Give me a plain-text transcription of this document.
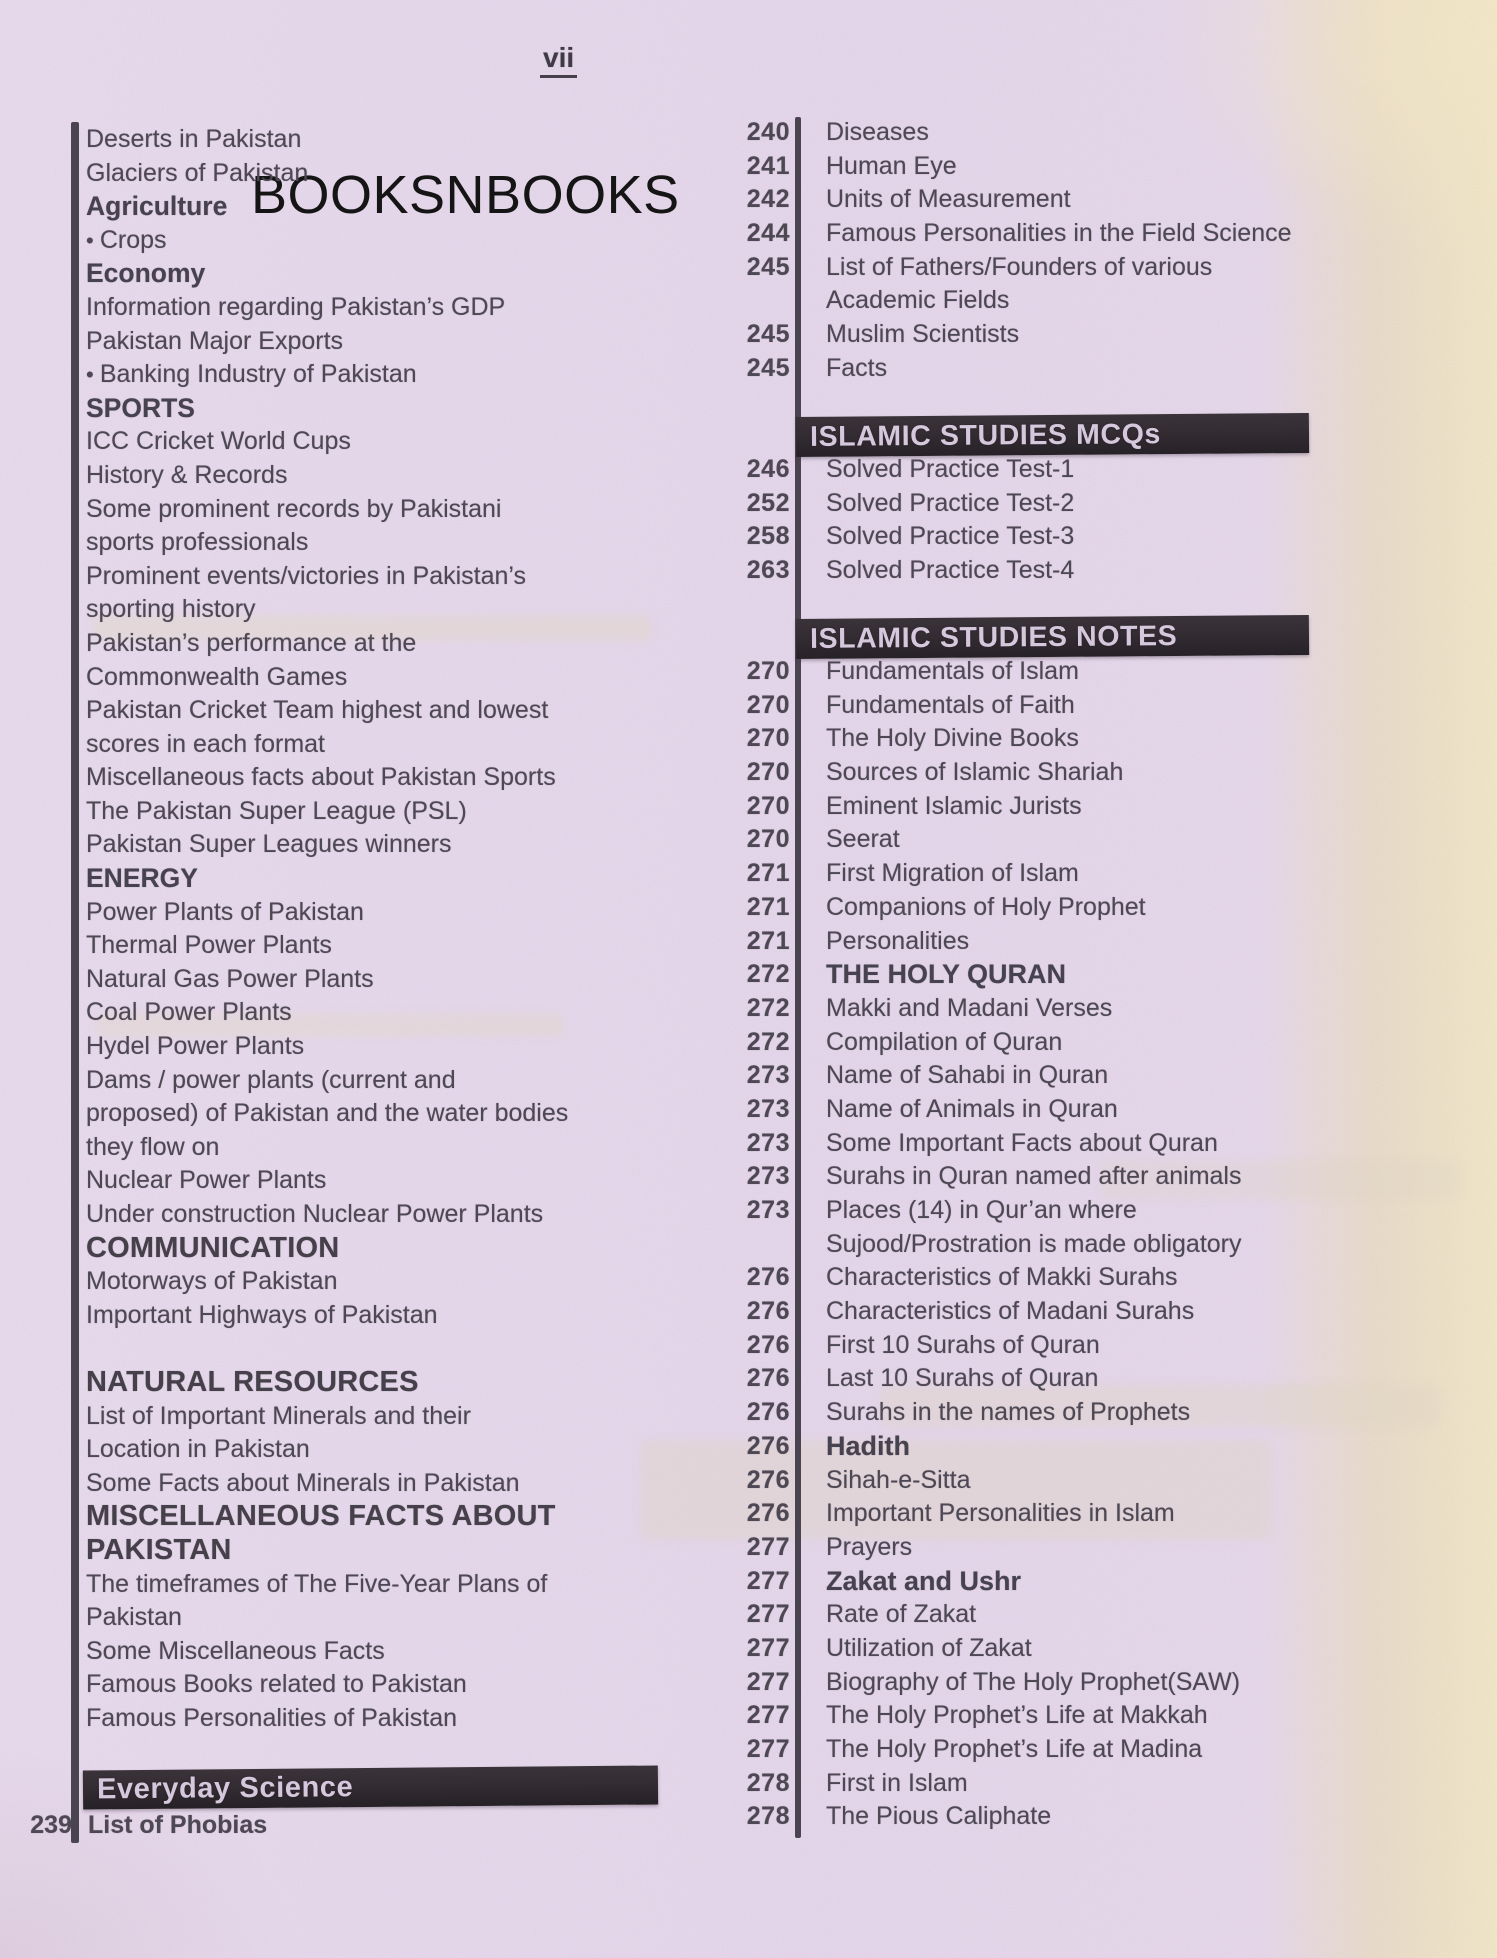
vii
BOOKSNBOOKS
Deserts in Pakistan
Glaciers of Pakistan
Agriculture
• Crops
Economy
Information regarding Pakistan’s GDP
Pakistan Major Exports
• Banking Industry of Pakistan
SPORTS
ICC Cricket World Cups
History & Records
Some prominent records by Pakistani
sports professionals
Prominent events/victories in Pakistan’s
sporting history
Pakistan’s performance at the
Commonwealth Games
Pakistan Cricket Team highest and lowest
scores in each format
Miscellaneous facts about Pakistan Sports
The Pakistan Super League (PSL)
Pakistan Super Leagues winners
ENERGY
Power Plants of Pakistan
Thermal Power Plants
Natural Gas Power Plants
Coal Power Plants
Hydel Power Plants
Dams / power plants (current and
proposed) of Pakistan and the water bodies
they flow on
Nuclear Power Plants
Under construction Nuclear Power Plants
COMMUNICATION
Motorways of Pakistan
Important Highways of Pakistan
NATURAL RESOURCES
List of Important Minerals and their
Location in Pakistan
Some Facts about Minerals in Pakistan
MISCELLANEOUS FACTS ABOUT
PAKISTAN
The timeframes of The Five-Year Plans of
Pakistan
Some Miscellaneous Facts
Famous Books related to Pakistan
Famous Personalities of Pakistan
Everyday Science
239 List of Phobias
240 Diseases
241 Human Eye
242 Units of Measurement
244 Famous Personalities in the Field Science
245 List of Fathers/Founders of various
Academic Fields
245 Muslim Scientists
245 Facts
ISLAMIC STUDIES MCQs
246 Solved Practice Test-1
252 Solved Practice Test-2
258 Solved Practice Test-3
263 Solved Practice Test-4
ISLAMIC STUDIES NOTES
270 Fundamentals of Islam
270 Fundamentals of Faith
270 The Holy Divine Books
270 Sources of Islamic Shariah
270 Eminent Islamic Jurists
270 Seerat
271 First Migration of Islam
271 Companions of Holy Prophet
271 Personalities
272 THE HOLY QURAN
272 Makki and Madani Verses
272 Compilation of Quran
273 Name of Sahabi in Quran
273 Name of Animals in Quran
273 Some Important Facts about Quran
273 Surahs in Quran named after animals
273 Places (14) in Qur’an where
Sujood/Prostration is made obligatory
276 Characteristics of Makki Surahs
276 Characteristics of Madani Surahs
276 First 10 Surahs of Quran
276 Last 10 Surahs of Quran
276 Surahs in the names of Prophets
276 Hadith
276 Sihah-e-Sitta
276 Important Personalities in Islam
277 Prayers
277 Zakat and Ushr
277 Rate of Zakat
277 Utilization of Zakat
277 Biography of The Holy Prophet(SAW)
277 The Holy Prophet’s Life at Makkah
277 The Holy Prophet’s Life at Madina
278 First in Islam
278 The Pious Caliphate
